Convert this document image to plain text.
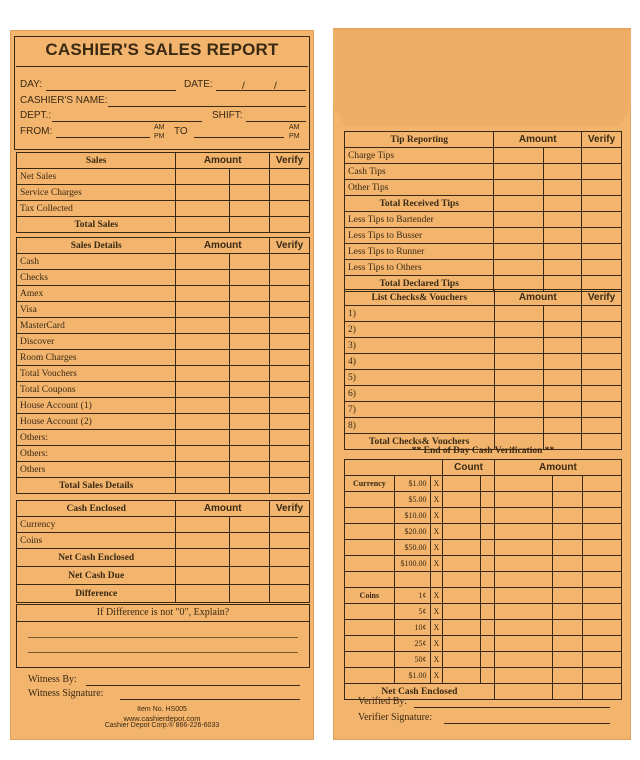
CASHIER'S SALES REPORT
DAY:	DATE:	/	/
CASHIER'S NAME:
DEPT.:	SHIFT:
FROM:	AM
PM TO	AM
PM
Sales	Amount		Verify
Net Sales			
Service Charges			
Tax Collected			
Total Sales			
Sales Details	Amount		Verify
Cash			
Checks			
Amex			
Visa			
MasterCard			
Discover			
Room Charges			
Total Vouchers			
Total Coupons			
House Account (1)			
House Account (2)			
Others:			
Others:			
Others			
Total Sales Details			
Cash Enclosed	Amount		Verify
Currency			
Coins			
Net Cash Enclosed			
Net Cash Due			
Difference			
If Difference is not "0", Explain?
Witness By:
Witness Signature:
Item No. HS005
www.cashierdepot.com
Cashier Depot Corp.® 866-226-6033
Tip Reporting	Amount		Verify
Charge Tips			
Cash Tips			
Other Tips			
Total Received Tips			
Less Tips to Bartender			
Less Tips to Busser			
Less Tips to Runner			
Less Tips to Others			
Total Declared Tips			
List Checks& Vouchers	Amount		Verify
1)			
2)			
3)			
4)			
5)			
6)			
7)			
8)			
Total Checks& Vouchers			
** End of Day Cash Verification **
			Count		Amount		
Currency	$1.00	X					
	$5.00	X					
	$10.00	X					
	$20.00	X					
	$50.00	X					
	$100.00	X					

Coins	1¢	X					
	5¢	X					
	10¢	X					
	25¢	X					
	50¢	X					
	$1.00	X					
Net Cash Enclosed							
Verified By:
Verifier Signature:
